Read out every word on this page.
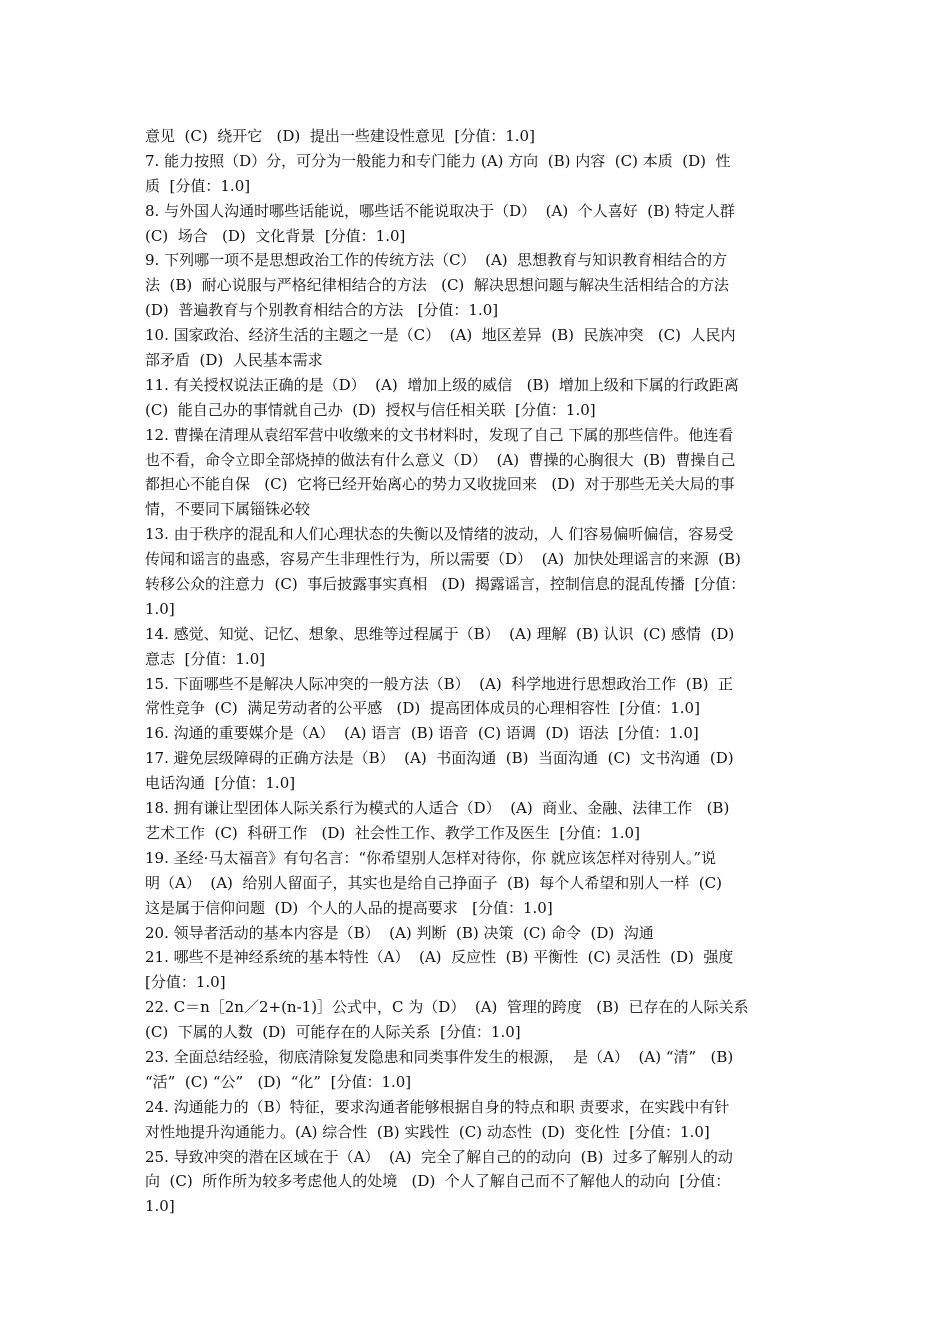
意见  (C)  绕开它   (D)  提出一些建设性意见  [分值：1.0]
7. 能力按照（D）分，可分为一般能力和专门能力 (A) 方向  (B) 内容  (C) 本质  (D)  性
质  [分值：1.0]
8. 与外国人沟通时哪些话能说，哪些话不能说取决于（D）  (A)  个人喜好  (B) 特定人群
(C)  场合   (D)  文化背景  [分值：1.0]
9. 下列哪一项不是思想政治工作的传统方法（C）  (A)  思想教育与知识教育相结合的方
法  (B)  耐心说服与严格纪律相结合的方法   (C)  解决思想问题与解决生活相结合的方法
(D)  普遍教育与个别教育相结合的方法   [分值：1.0]
10. 国家政治、经济生活的主题之一是（C）  (A)  地区差异  (B)  民族冲突   (C)  人民内
部矛盾  (D)  人民基本需求
11. 有关授权说法正确的是（D）  (A)  增加上级的威信   (B)  增加上级和下属的行政距离
(C)  能自己办的事情就自己办  (D)  授权与信任相关联  [分值：1.0]
12. 曹操在清理从袁绍军营中收缴来的文书材料时，发现了自己 下属的那些信件。他连看
也不看，命令立即全部烧掉的做法有什么意义（D）  (A)  曹操的心胸很大  (B)  曹操自己
都担心不能自保   (C)  它将已经开始离心的势力又收拢回来   (D)  对于那些无关大局的事
情，不要同下属锱铢必较
13. 由于秩序的混乱和人们心理状态的失衡以及情绪的波动，人 们容易偏听偏信，容易受
传闻和谣言的蛊惑，容易产生非理性行为，所以需要（D）  (A)  加快处理谣言的来源  (B)
转移公众的注意力  (C)  事后披露事实真相   (D)  揭露谣言，控制信息的混乱传播  [分值：
1.0]
14. 感觉、知觉、记忆、想象、思维等过程属于（B）  (A) 理解  (B) 认识  (C) 感情  (D)
意志  [分值：1.0]
15. 下面哪些不是解决人际冲突的一般方法（B）  (A)  科学地进行思想政治工作  (B)  正
常性竞争  (C)  满足劳动者的公平感   (D)  提高团体成员的心理相容性  [分值：1.0]
16. 沟通的重要媒介是（A）  (A) 语言  (B) 语音  (C) 语调  (D)  语法  [分值：1.0]
17. 避免层级障碍的正确方法是（B）  (A)  书面沟通  (B)  当面沟通  (C)  文书沟通  (D)
电话沟通  [分值：1.0]
18. 拥有谦让型团体人际关系行为模式的人适合（D）  (A)  商业、金融、法律工作   (B)
艺术工作  (C)  科研工作   (D)  社会性工作、教学工作及医生  [分值：1.0]
19. 圣经·马太福音》有句名言：“你希望别人怎样对待你，你 就应该怎样对待别人。”说
明（A）  (A)  给别人留面子，其实也是给自己挣面子  (B)  每个人希望和别人一样  (C)
这是属于信仰问题  (D)  个人的人品的提高要求   [分值：1.0]
20. 领导者活动的基本内容是（B）  (A) 判断  (B) 决策  (C) 命令  (D)  沟通
21. 哪些不是神经系统的基本特性（A）  (A)  反应性  (B) 平衡性  (C) 灵活性  (D)  强度
[分值：1.0]
22. C＝n［2n／2+(n-1)］公式中，C 为（D）  (A)  管理的跨度   (B)  已存在的人际关系
(C)  下属的人数  (D)  可能存在的人际关系  [分值：1.0]
23. 全面总结经验，彻底清除复发隐患和同类事件发生的根源，  是（A）  (A) “清”   (B)
“活”  (C) “公”   (D)  “化”  [分值：1.0]
24. 沟通能力的（B）特征，要求沟通者能够根据自身的特点和职 责要求，在实践中有针
对性地提升沟通能力。(A) 综合性  (B) 实践性  (C) 动态性  (D)  变化性  [分值：1.0]
25. 导致冲突的潜在区域在于（A）  (A)  完全了解自己的的动向  (B)  过多了解别人的动
向  (C)  所作所为较多考虑他人的处境   (D)  个人了解自己而不了解他人的动向  [分值：
1.0]
